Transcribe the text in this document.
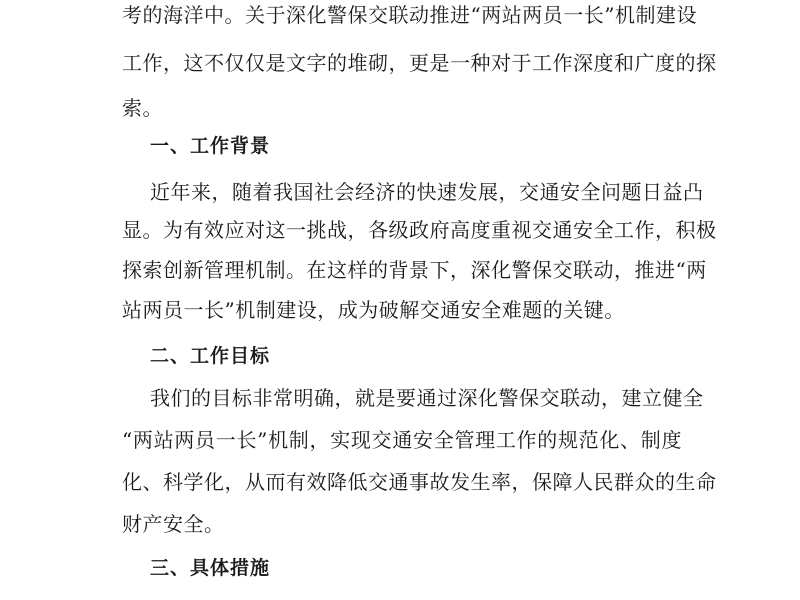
考的海洋中。关于深化警保交联动推进“两站两员一长”机制建设
工作，这不仅仅是文字的堆砌，更是一种对于工作深度和广度的探
索。
一、工作背景
近年来，随着我国社会经济的快速发展，交通安全问题日益凸
显。为有效应对这一挑战，各级政府高度重视交通安全工作，积极
探索创新管理机制。在这样的背景下，深化警保交联动，推进“两
站两员一长”机制建设，成为破解交通安全难题的关键。
二、工作目标
我们的目标非常明确，就是要通过深化警保交联动，建立健全
“两站两员一长”机制，实现交通安全管理工作的规范化、制度
化、科学化，从而有效降低交通事故发生率，保障人民群众的生命
财产安全。
三、具体措施
